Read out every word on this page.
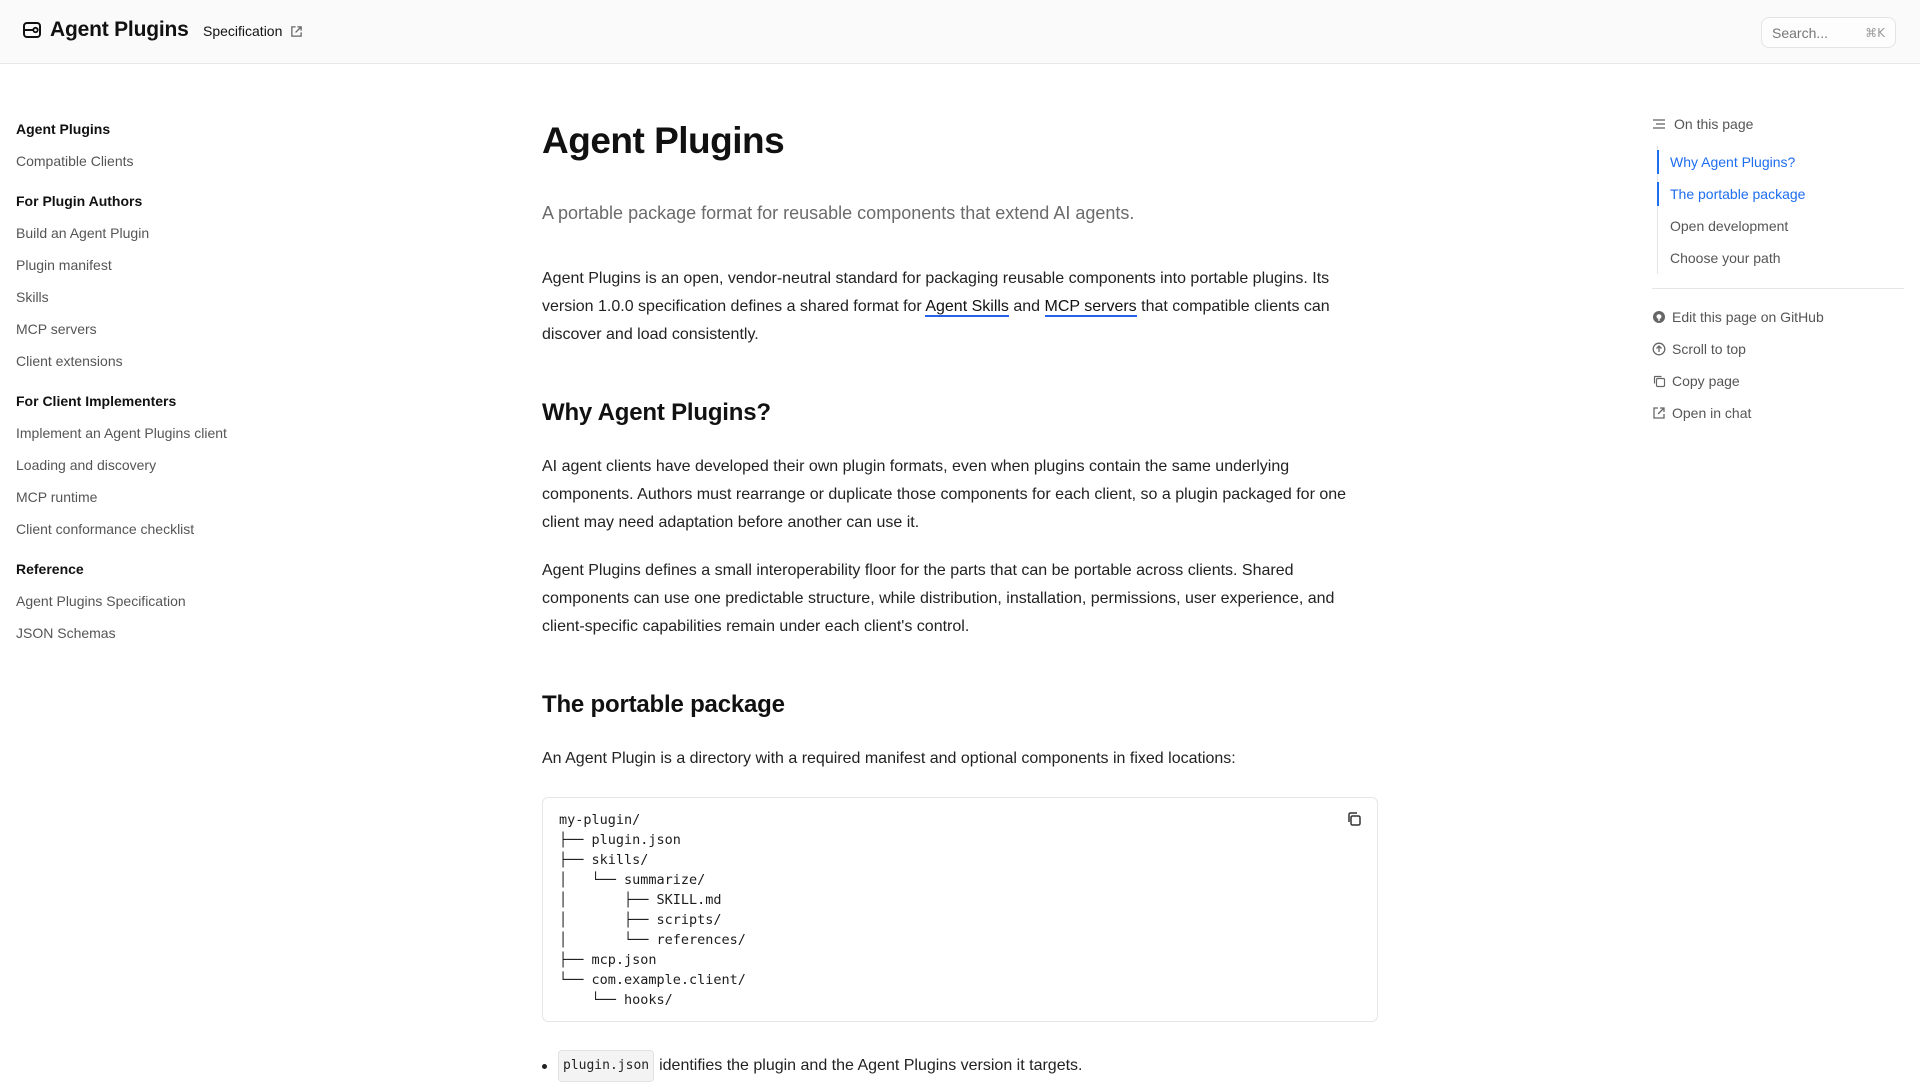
Agent Plugins Specification	Search...	⌘K
Agent Plugins
Compatible Clients
For Plugin Authors
Build an Agent Plugin
Plugin manifest
Skills
MCP servers
Client extensions
For Client Implementers
Implement an Agent Plugins client
Loading and discovery
MCP runtime
Client conformance checklist
Reference
Agent Plugins Specification
JSON Schemas
Agent Plugins

A portable package format for reusable components that extend AI agents.

Agent Plugins is an open, vendor-neutral standard for packaging reusable components into portable plugins. Its version 1.0.0 specification defines a shared format for Agent Skills and MCP servers that compatible clients can discover and load consistently.

Why Agent Plugins?

AI agent clients have developed their own plugin formats, even when plugins contain the same underlying components. Authors must rearrange or duplicate those components for each client, so a plugin packaged for one client may need adaptation before another can use it.

Agent Plugins defines a small interoperability floor for the parts that can be portable across clients. Shared components can use one predictable structure, while distribution, installation, permissions, user experience, and client-specific capabilities remain under each client's control.

The portable package

An Agent Plugin is a directory with a required manifest and optional components in fixed locations:

my-plugin/
├── plugin.json
├── skills/
│   └── summarize/
│       ├── SKILL.md
│       ├── scripts/
│       └── references/
├── mcp.json
└── com.example.client/
└── hooks/
plugin.json identifies the plugin and the Agent Plugins version it targets.
On this page
Why Agent Plugins?
The portable package
Open development
Choose your path
Edit this page on GitHub
Scroll to top
Copy page
Open in chat
